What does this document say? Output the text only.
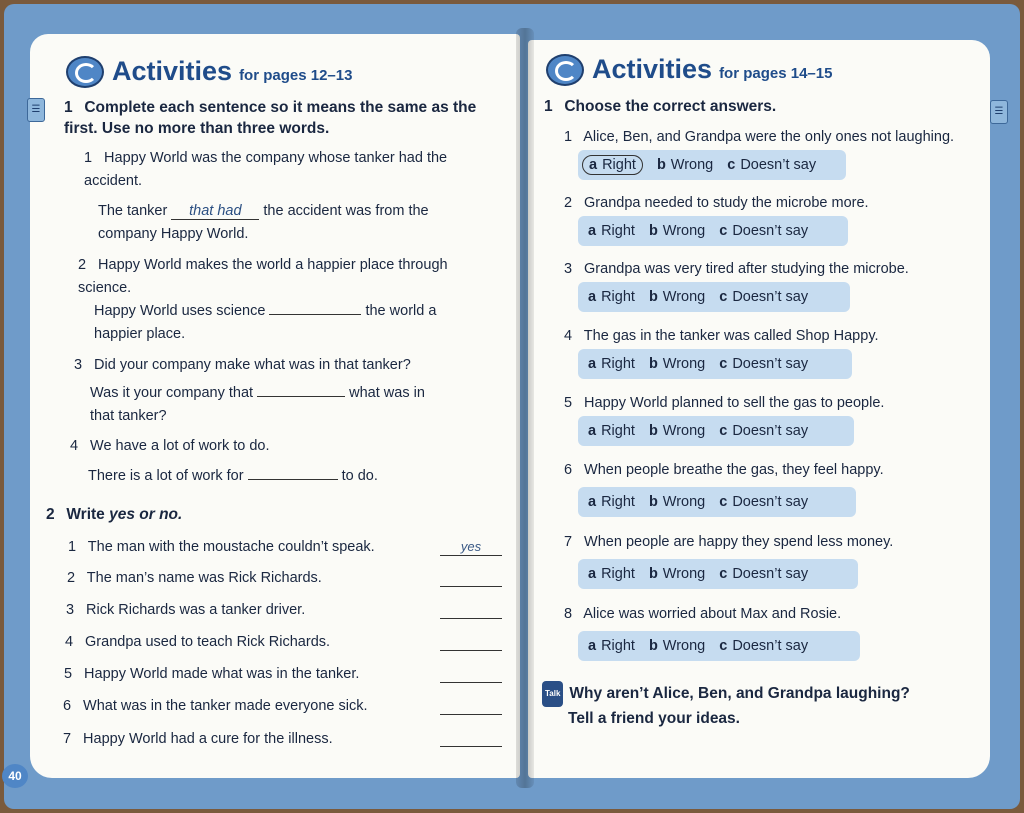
Activities for pages 12–13
1 Complete each sentence so it means the same as the first. Use no more than three words.
1 Happy World was the company whose tanker had the accident.
The tanker that had the accident was from the
company Happy World.
2 Happy World makes the world a happier place through science.
Happy World uses science	the world a
happier place.
3 Did your company make what was in that tanker?
Was it your company that	what was in
that tanker?
4 We have a lot of work to do.
There is a lot of work for	to do.
2 Write yes or no.
1 The man with the moustache couldn’t speak.	yes
2 The man’s name was Rick Richards.
3 Rick Richards was a tanker driver.
4 Grandpa used to teach Rick Richards.
5 Happy World made what was in the tanker.
6 What was in the tanker made everyone sick.
7 Happy World had a cure for the illness.
☰
Activities for pages 14–15
1 Choose the correct answers.
1 Alice, Ben, and Grandpa were the only ones not laughing.
a Right	b Wrong c Doesn’t say
2 Grandpa needed to study the microbe more.
a Right b Wrong c Doesn’t say
3 Grandpa was very tired after studying the microbe.
a Right b Wrong c Doesn’t say
4 The gas in the tanker was called Shop Happy.
a Right b Wrong c Doesn’t say
5 Happy World planned to sell the gas to people.
a Right b Wrong c Doesn’t say
6 When people breathe the gas, they feel happy.
a Right b Wrong c Doesn’t say
7 When people are happy they spend less money.
a Right b Wrong c Doesn’t say
8 Alice was worried about Max and Rosie.
a Right b Wrong c Doesn’t say
Talk Why aren’t Alice, Ben, and Grandpa laughing?
Tell a friend your ideas.
☰
40
